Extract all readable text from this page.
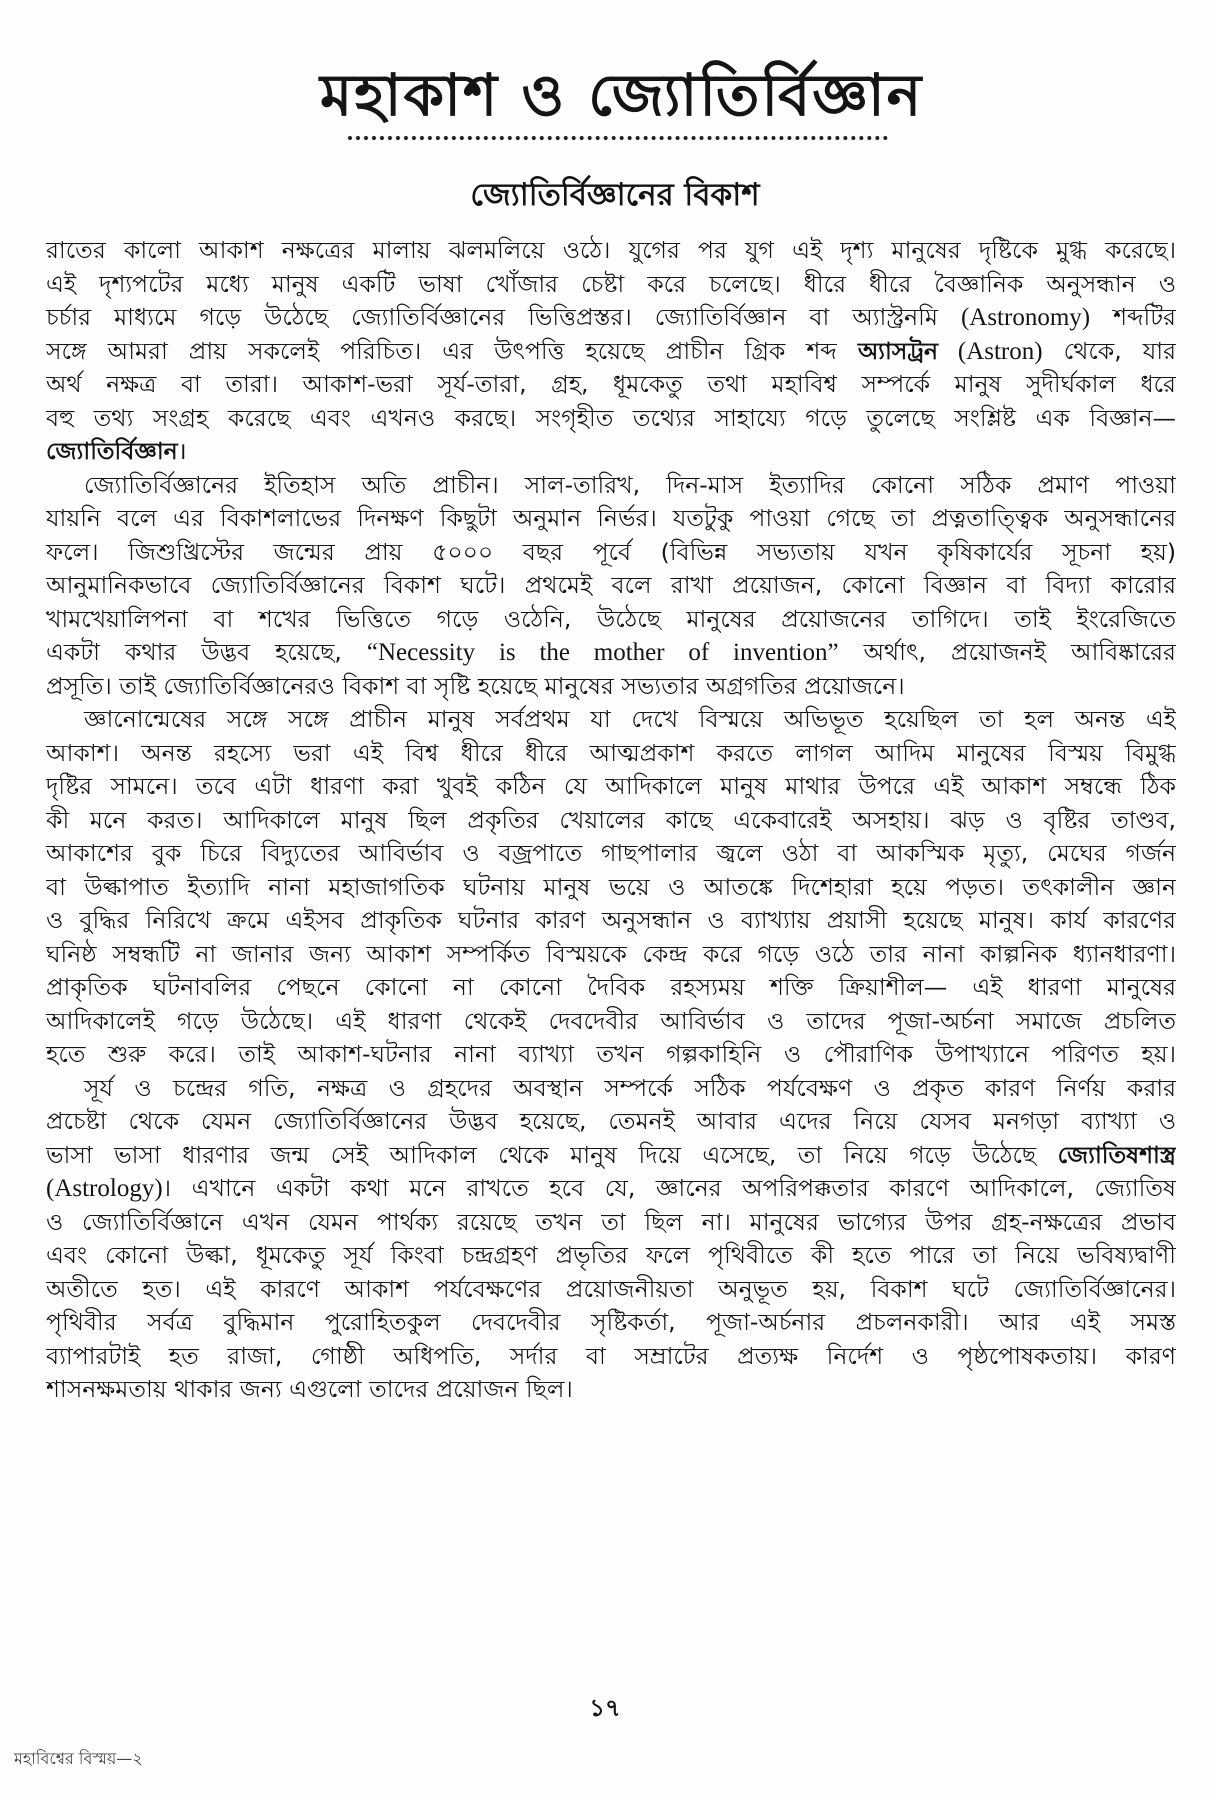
মহাকাশ ও জ্যোতির্বিজ্ঞান
জ্যোতির্বিজ্ঞানের বিকাশ
রাতের কালো আকাশ নক্ষত্রের মালায় ঝলমলিয়ে ওঠে। যুগের পর যুগ এই দৃশ্য মানুষের দৃষ্টিকে মুগ্ধ করেছে।
এই দৃশ্যপটের মধ্যে মানুষ একটি ভাষা খোঁজার চেষ্টা করে চলেছে। ধীরে ধীরে বৈজ্ঞানিক অনুসন্ধান ও
চর্চার মাধ্যমে গড়ে উঠেছে জ্যোতির্বিজ্ঞানের ভিত্তিপ্রস্তর। জ্যোতির্বিজ্ঞান বা অ্যাস্ট্রনমি (Astronomy) শব্দটির
সঙ্গে আমরা প্রায় সকলেই পরিচিত। এর উৎপত্তি হয়েছে প্রাচীন গ্রিক শব্দ অ্যাসট্রন (Astron) থেকে, যার
অর্থ নক্ষত্র বা তারা। আকাশ-ভরা সূর্য-তারা, গ্রহ, ধূমকেতু তথা মহাবিশ্ব সম্পর্কে মানুষ সুদীর্ঘকাল ধরে
বহু তথ্য সংগ্রহ করেছে এবং এখনও করছে। সংগৃহীত তথ্যের সাহায্যে গড়ে তুলেছে সংশ্লিষ্ট এক বিজ্ঞান—
জ্যোতির্বিজ্ঞান।
জ্যোতির্বিজ্ঞানের ইতিহাস অতি প্রাচীন। সাল-তারিখ, দিন-মাস ইত্যাদির কোনো সঠিক প্রমাণ পাওয়া
যায়নি বলে এর বিকাশলাভের দিনক্ষণ কিছুটা অনুমান নির্ভর। যতটুকু পাওয়া গেছে তা প্রত্নতাত্ত্বিক অনুসন্ধানের
ফলে। জিশুখ্রিস্টের জন্মের প্রায় ৫০০০ বছর পূর্বে (বিভিন্ন সভ্যতায় যখন কৃষিকার্যের সূচনা হয়)
আনুমানিকভাবে জ্যোতির্বিজ্ঞানের বিকাশ ঘটে। প্রথমেই বলে রাখা প্রয়োজন, কোনো বিজ্ঞান বা বিদ্যা কারোর
খামখেয়ালিপনা বা শখের ভিত্তিতে গড়ে ওঠেনি, উঠেছে মানুষের প্রয়োজনের তাগিদে। তাই ইংরেজিতে
একটা কথার উদ্ভব হয়েছে, “Necessity is the mother of invention” অর্থাৎ, প্রয়োজনই আবিষ্কারের
প্রসূতি। তাই জ্যোতির্বিজ্ঞানেরও বিকাশ বা সৃষ্টি হয়েছে মানুষের সভ্যতার অগ্রগতির প্রয়োজনে।
জ্ঞানোন্মেষের সঙ্গে সঙ্গে প্রাচীন মানুষ সর্বপ্রথম যা দেখে বিস্ময়ে অভিভূত হয়েছিল তা হল অনন্ত এই
আকাশ। অনন্ত রহস্যে ভরা এই বিশ্ব ধীরে ধীরে আত্মপ্রকাশ করতে লাগল আদিম মানুষের বিস্ময় বিমুগ্ধ
দৃষ্টির সামনে। তবে এটা ধারণা করা খুবই কঠিন যে আদিকালে মানুষ মাথার উপরে এই আকাশ সম্বন্ধে ঠিক
কী মনে করত। আদিকালে মানুষ ছিল প্রকৃতির খেয়ালের কাছে একেবারেই অসহায়। ঝড় ও বৃষ্টির তাণ্ডব,
আকাশের বুক চিরে বিদ্যুতের আবির্ভাব ও বজ্রপাতে গাছপালার জ্বলে ওঠা বা আকস্মিক মৃত্যু, মেঘের গর্জন
বা উল্কাপাত ইত্যাদি নানা মহাজাগতিক ঘটনায় মানুষ ভয়ে ও আতঙ্কে দিশেহারা হয়ে পড়ত। তৎকালীন জ্ঞান
ও বুদ্ধির নিরিখে ক্রমে এইসব প্রাকৃতিক ঘটনার কারণ অনুসন্ধান ও ব্যাখ্যায় প্রয়াসী হয়েছে মানুষ। কার্য কারণের
ঘনিষ্ঠ সম্বন্ধটি না জানার জন্য আকাশ সম্পর্কিত বিস্ময়কে কেন্দ্র করে গড়ে ওঠে তার নানা কাল্পনিক ধ্যানধারণা।
প্রাকৃতিক ঘটনাবলির পেছনে কোনো না কোনো দৈবিক রহস্যময় শক্তি ক্রিয়াশীল— এই ধারণা মানুষের
আদিকালেই গড়ে উঠেছে। এই ধারণা থেকেই দেবদেবীর আবির্ভাব ও তাদের পূজা-অর্চনা সমাজে প্রচলিত
হতে শুরু করে। তাই আকাশ-ঘটনার নানা ব্যাখ্যা তখন গল্পকাহিনি ও পৌরাণিক উপাখ্যানে পরিণত হয়।
সূর্য ও চন্দ্রের গতি, নক্ষত্র ও গ্রহদের অবস্থান সম্পর্কে সঠিক পর্যবেক্ষণ ও প্রকৃত কারণ নির্ণয় করার
প্রচেষ্টা থেকে যেমন জ্যোতির্বিজ্ঞানের উদ্ভব হয়েছে, তেমনই আবার এদের নিয়ে যেসব মনগড়া ব্যাখ্যা ও
ভাসা ভাসা ধারণার জন্ম সেই আদিকাল থেকে মানুষ দিয়ে এসেছে, তা নিয়ে গড়ে উঠেছে জ্যোতিষশাস্ত্র
(Astrology)। এখানে একটা কথা মনে রাখতে হবে যে, জ্ঞানের অপরিপক্কতার কারণে আদিকালে, জ্যোতিষ
ও জ্যোতির্বিজ্ঞানে এখন যেমন পার্থক্য রয়েছে তখন তা ছিল না। মানুষের ভাগ্যের উপর গ্রহ-নক্ষত্রের প্রভাব
এবং কোনো উল্কা, ধূমকেতু সূর্য কিংবা চন্দ্রগ্রহণ প্রভৃতির ফলে পৃথিবীতে কী হতে পারে তা নিয়ে ভবিষ্যদ্বাণী
অতীতে হত। এই কারণে আকাশ পর্যবেক্ষণের প্রয়োজনীয়তা অনুভূত হয়, বিকাশ ঘটে জ্যোতির্বিজ্ঞানের।
পৃথিবীর সর্বত্র বুদ্ধিমান পুরোহিতকুল দেবদেবীর সৃষ্টিকর্তা, পূজা-অর্চনার প্রচলনকারী। আর এই সমস্ত
ব্যাপারটাই হত রাজা, গোষ্ঠী অধিপতি, সর্দার বা সম্রাটের প্রত্যক্ষ নির্দেশ ও পৃষ্ঠপোষকতায়। কারণ
শাসনক্ষমতায় থাকার জন্য এগুলো তাদের প্রয়োজন ছিল।
১৭
মহাবিশ্বের বিস্ময়—২
